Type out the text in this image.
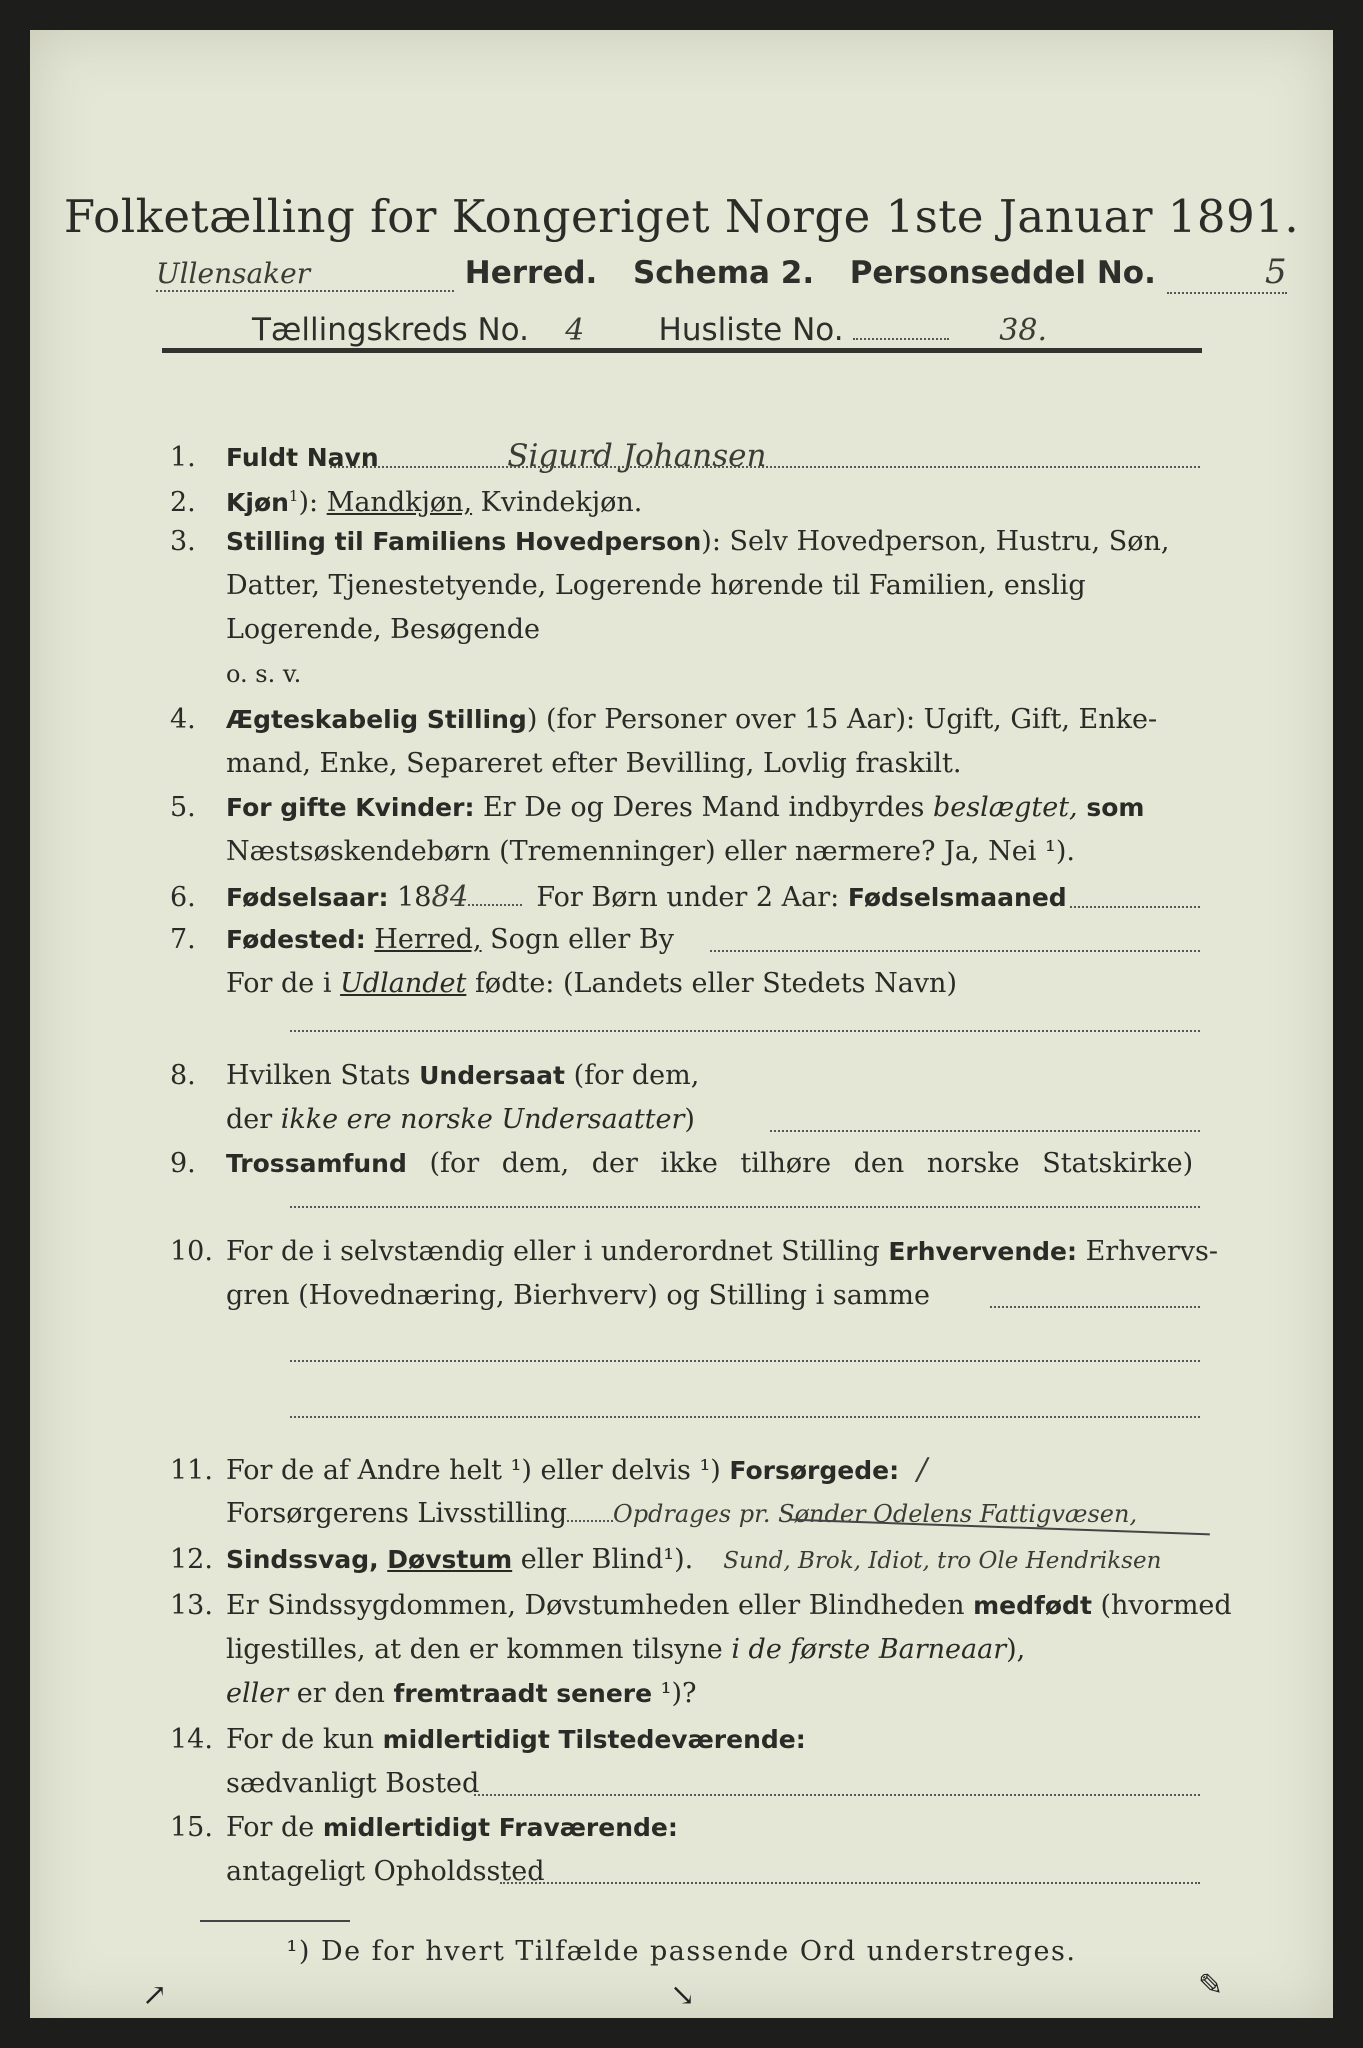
Folketælling for Kongeriget Norge 1ste Januar 1891.
Ullensaker	Herred. Schema 2. Personseddel No.	5
Tællingskreds No. 4 Husliste No.	38.
1. Fuldt Navn	Sigurd Johansen
2. Kjøn$^1$): Mandkjøn, Kvindekjøn.
3. Stilling til Familiens Hovedperson): Selv Hovedperson, Hustru, Søn,
Datter, Tjenestetyende, Logerende hørende til Familien, enslig
Logerende, Besøgende
o. s. v.
4. Ægteskabelig Stilling) (for Personer over 15 Aar): Ugift, Gift, Enke-
mand, Enke, Separeret efter Bevilling, Lovlig fraskilt.
5. For gifte Kvinder: Er De og Deres Mand indbyrdes beslægtet, som
Næstsøskendebørn (Tremenninger) eller nærmere? Ja, Nei ¹).
6. Fødselsaar: 1884	For Børn under 2 Aar: Fødselsmaaned
7. Fødested: Herred, Sogn eller By
For de i Udlandet fødte: (Landets eller Stedets Navn)
8. Hvilken Stats Undersaat (for dem,
der ikke ere norske Undersaatter)
9. Trossamfund (for dem, der ikke tilhøre den norske Statskirke)
10. For de i selvstændig eller i underordnet Stilling Erhvervende: Erhvervs-
gren (Hovednæring, Bierhverv) og Stilling i samme
11. For de af Andre helt ¹) eller delvis ¹) Forsørgede: /
Forsørgerens Livsstilling Opdrages pr. Sønder Odelens Fattigvæsen,
12. Sindssvag, Døvstum eller Blind¹). Sund, Brok, Idiot, tro Ole Hendriksen
13. Er Sindssygdommen, Døvstumheden eller Blindheden medfødt (hvormed
ligestilles, at den er kommen tilsyne i de første Barneaar),
eller er den fremtraadt senere ¹)?
14. For de kun midlertidigt Tilstedeværende:
sædvanligt Bosted
15. For de midlertidigt Fraværende:
antageligt Opholdssted
¹) De for hvert Tilfælde passende Ord understreges.
↗	↘	✎
